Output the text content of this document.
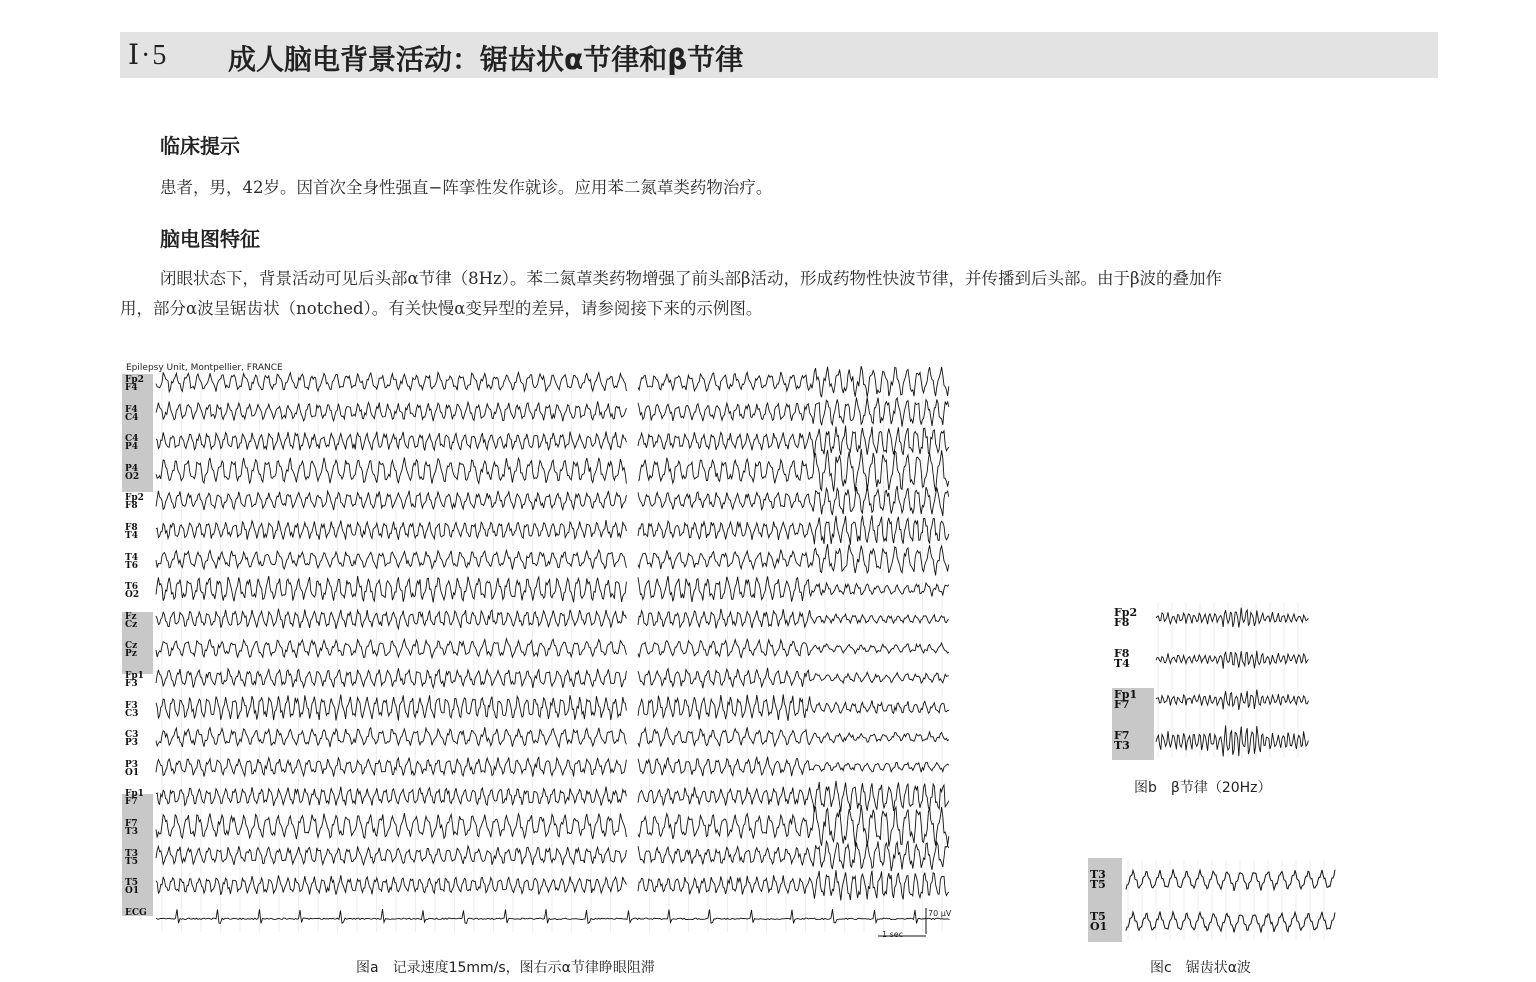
Ⅰ·5 成人脑电背景活动：锯齿状α节律和β节律
临床提示
患者，男，42岁。因首次全身性强直−阵挛性发作就诊。应用苯二氮䓬类药物治疗。
脑电图特征
闭眼状态下，背景活动可见后头部α节律（8Hz）。苯二氮䓬类药物增强了前头部β活动，形成药物性快波节律，并传播到后头部。由于β波的叠加作
用，部分α波呈锯齿状（notched）。有关快慢α变异型的差异，请参阅接下来的示例图。
Epilepsy Unit, Montpellier, FRANCE
70 μV
1 sec
Fp2
F4
F4
C4
C4
P4
P4
O2
Fp2
F8
F8
T4
T4
T6
T6
O2
Fz
Cz
Cz
Pz
Fp1
F3
F3
C3
C3
P3
P3
O1
Fp1
F7
F7
T3
T3
T5
T5
O1
ECG
图a　记录速度15mm/s，图右示α节律睁眼阻滞
Fp2
F8
F8
T4
Fp1
F7
F7
T3
图b　β节律（20Hz）
T3
T5
T5
O1
图c　锯齿状α波
